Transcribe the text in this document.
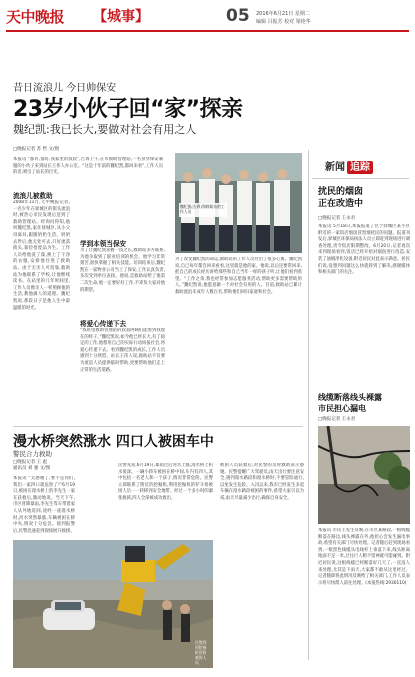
天中晚报 【城事】	05 2016年6月21日 星期二
编辑 吕振芳 校对 梁艳华
昔日流浪儿 今日帅保安
23岁小伙子回“家”探亲
魏纪凯:我已长大,要做对社会有用之人
□晚报记者 苏 哲 文/图
本报讯 “都好,都好,我家里的叔叔”,告诉上午,在市救助管理站,一名身穿保安制服的小伙子来到站长王伟人办公室。“这是十年前的魏纪凯,都回来看”,工作人员的话,吸引了站长的目光。
魏纪凯(右四)和救助站的工作人员
流浪儿被救助
2008年11月,天中晚报记者,一名少年在驿城区的街头流浪时,被热心市民发现后送到了救助管理站。经询问得知,他叫魏纪凯,家住驿城区,从小父母离异,跟随奶奶生活。奶奶去世后,他无处可去,只好流落街头,靠捡拾废品为生。工作人员给他洗了澡,换上了干净的衣服,安排他住进了救助站。由于无亲人可投靠,救助站为他联系了学校,让他继续读书。在站里的几年时间里,工作人员像亲人一样照顾他的生活,教他做人的道理。魏纪凯说,那段日子是他人生中最温暖的时光。
学到本领当保安
为了让魏纪凯掌握一技之长,救助站多方联系,为他争取到了职业培训的机会。他学习非常刻苦,很快掌握了相关技能。培训结束后,魏纪凯在一家物业公司当上了保安,工作认真负责,多次受到单位表扬。他说,是救助站给了他第二次生命,他一定要好好工作,不辜负大家对他的期望。
将爱心传递下去
“我希望救助管理站的叔叔阿姨们能看到我现在的样子。”魏纪凯说,如今他已经长大,有了稳定的工作,他想用自己的实际行动回报社会,将爱心传递下去。看到魏纪凯的成长,工作人员感到十分欣慰。站长王伟人说,救助站不仅要为流浪人员提供临时帮助,更要帮助他们走上正常的生活道路。
为了改变魏纪凯的命运,救助站的工作人员付出了很多心血。魏纪凯说,自己每年都会回来看看,这里就是他的家。他说,以后还要常回来,把自己的成长经历讲给那些和自己当年一样的孩子听,让他们看到希望。“工作之余,我也经常参加志愿服务活动,帮助更多需要帮助的人。”魏纪凯说,他愿意做一个对社会有用的人。目前,救助站已累计救助流浪未成年人数百名,帮助他们回归家庭和社会。
新闻 追踪
扰民的烟囱
正在改造中
□晚报记者 王永君
本报讯 5月18日,本报报道了位于驿城区某小区附近的一家饭店烟囱冒黑烟扰民的问题。报道刊发后,驿城区环保局执法人员立即赶到现场进行调查处理,责令饭店限期整改。6月20日,记者再次来到现场看到,饭店已经开始对烟囱进行改造,安装了油烟净化设备,附近居民对此表示满意。居民们说,没想到问题这么快就得到了解决,感谢媒体和相关部门的关注。
线缆断落线头裸露
市民担心漏电
□晚报记者 王永君
本报讯 市民王先生反映,在市区某路段,一根线缆断落在路边,线头裸露在外,他担心会发生漏电事故,希望有关部门尽快处理。记者随后赶到现场看到,一根黑色线缆从电线杆上垂落下来,线头距离地面不足一米,过往行人稍不留神就可能碰到。附近居民说,这根线缆已经断落好几天了,一直没人来处理,尤其是下雨天,大家都不敢从这里经过。记者随即将此情况反映给了相关部门,工作人员表示将尽快派人前往处理。(本报热线:2930110)
漫水桥突然涨水 四口人被困车中
警民合力救助
□晚报记者 王 彪
通讯员 刘 强 文/图
本报讯 “太感谢了,要不是你们,我们一家四口就危险了!”6月19日,被困在漫水桥上的李先生一家在获救后,激动地说。当天下午,市区普降暴雨,李先生驾车带着家人从外地返回,途经一座漫水桥时,河水突然暴涨,车辆被困在桥中央,情况十分危急。接到报警后,民警迅速赶到现场展开救援。
民警先说,6月19日,暴雨过后河水上涨,漫水桥上积水很深。一辆小轿车被困在桥中间,车内有四人,其中包括一名老人和一个孩子,情况非常危险。民警立即联系了附近的挖掘机,利用挖掘机的铲斗将被困人员一一转移到安全地带。经过一个多小时的紧张救援,四人全部被成功救出。
被困人员获救后,对民警的及时救助表示感谢。民警提醒广大驾驶员,雨天出行要注意安全,遇到漫水路段和漫水桥时,不要冒险通行,以免发生危险。入汛以来,我市已经发生多起车辆在漫水路段被困的事件,希望大家引以为戒,雨天尽量减少出行,确保自身安全。
民警利用挖掘机营救被困人员
